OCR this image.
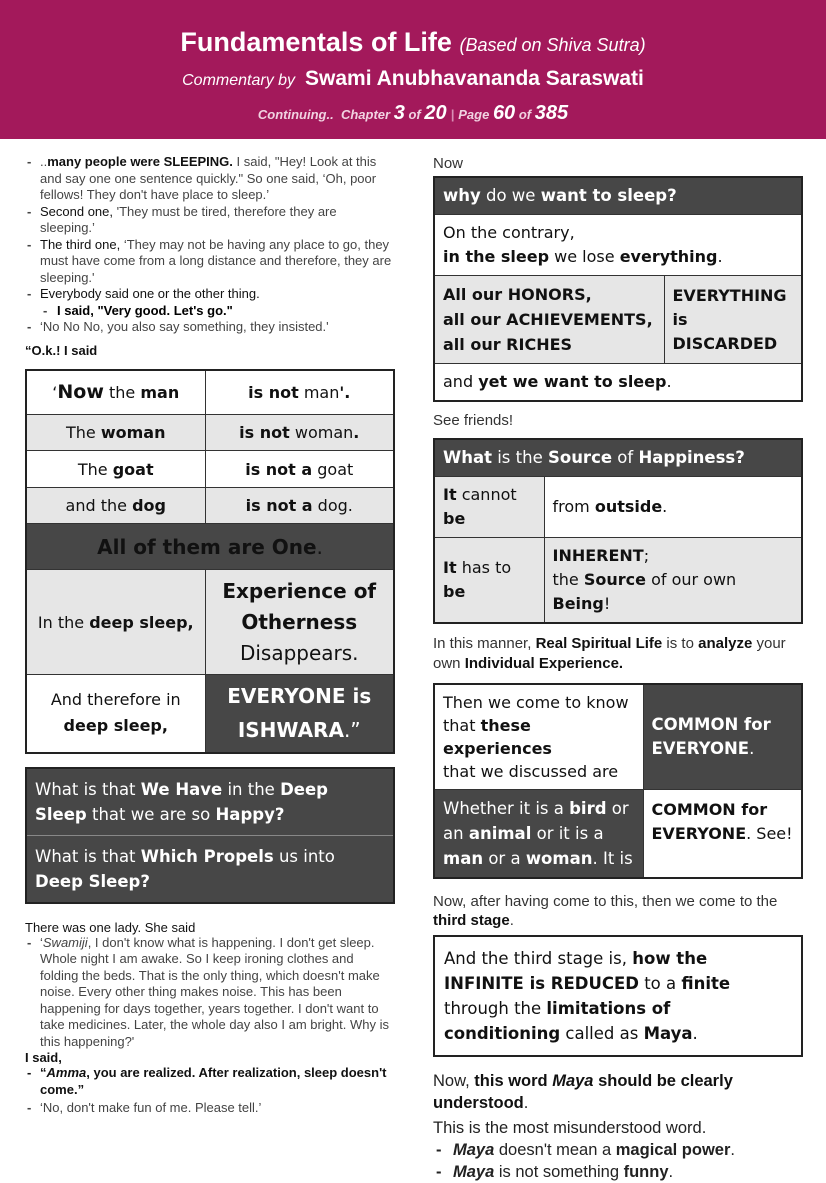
Fundamentals of Life (Based on Shiva Sutra)
Commentary by Swami Anubhavananda Saraswati
Continuing.. Chapter 3 of 20 | Page 60 of 385
- ..many people were SLEEPING. I said, "Hey! Look at this and say one one sentence quickly." So one said, ‘Oh, poor fellows! They don't have place to sleep.’
- Second one, 'They must be tired, therefore they are sleeping.’
- The third one, ‘They may not be having any place to go, they must have come from a long distance and therefore, they are sleeping.'
- Everybody said one or the other thing.
- I said, "Very good. Let's go."
- ‘No No No, you also say something, they insisted.'
“O.k.! I said
‘Now the man	is not man'.
The woman	is not woman.
The goat	is not a goat
and the dog	is not a dog.
All of them are One.	
In the deep sleep,	Experience of
Otherness
Disappears.
And therefore in
deep sleep,	EVERYONE is
ISHWARA.”
What is that We Have in the Deep Sleep that we are so Happy?
What is that Which Propels us into Deep Sleep?
There was one lady. She said
- ‘Swamiji, I don't know what is happening. I don't get sleep. Whole night I am awake. So I keep ironing clothes and folding the beds. That is the only thing, which doesn't make noise. Every other thing makes noise. This has been happening for days together, years together. I don't want to take medicines. Later, the whole day also I am bright. Why is this happening?'
I said,
- “Amma, you are realized. After realization, sleep doesn't come.”
- ‘No, don't make fun of me. Please tell.’
Now
why do we want to sleep?
On the contrary,
in the sleep we lose everything.
All our HONORS,
all our ACHIEVEMENTS,
all our RICHES	EVERYTHING
is DISCARDED
and yet we want to sleep.
See friends!
What is the Source of Happiness?	
It cannot be	from outside.
It has to be	INHERENT;
the Source of our own Being!
In this manner, Real Spiritual Life is to analyze your own Individual Experience.
Then we come to know
that these experiences
that we discussed are	COMMON for
EVERYONE.
Whether it is a bird or
an animal or it is a
man or a woman. It is	COMMON for
EVERYONE. See!
Now, after having come to this, then we come to the third stage.
And the third stage is, how the INFINITE is REDUCED to a finite through the limitations of conditioning called as Maya.
Now, this word Maya should be clearly understood.
This is the most misunderstood word.
- Maya doesn't mean a magical power.
- Maya is not something funny.
